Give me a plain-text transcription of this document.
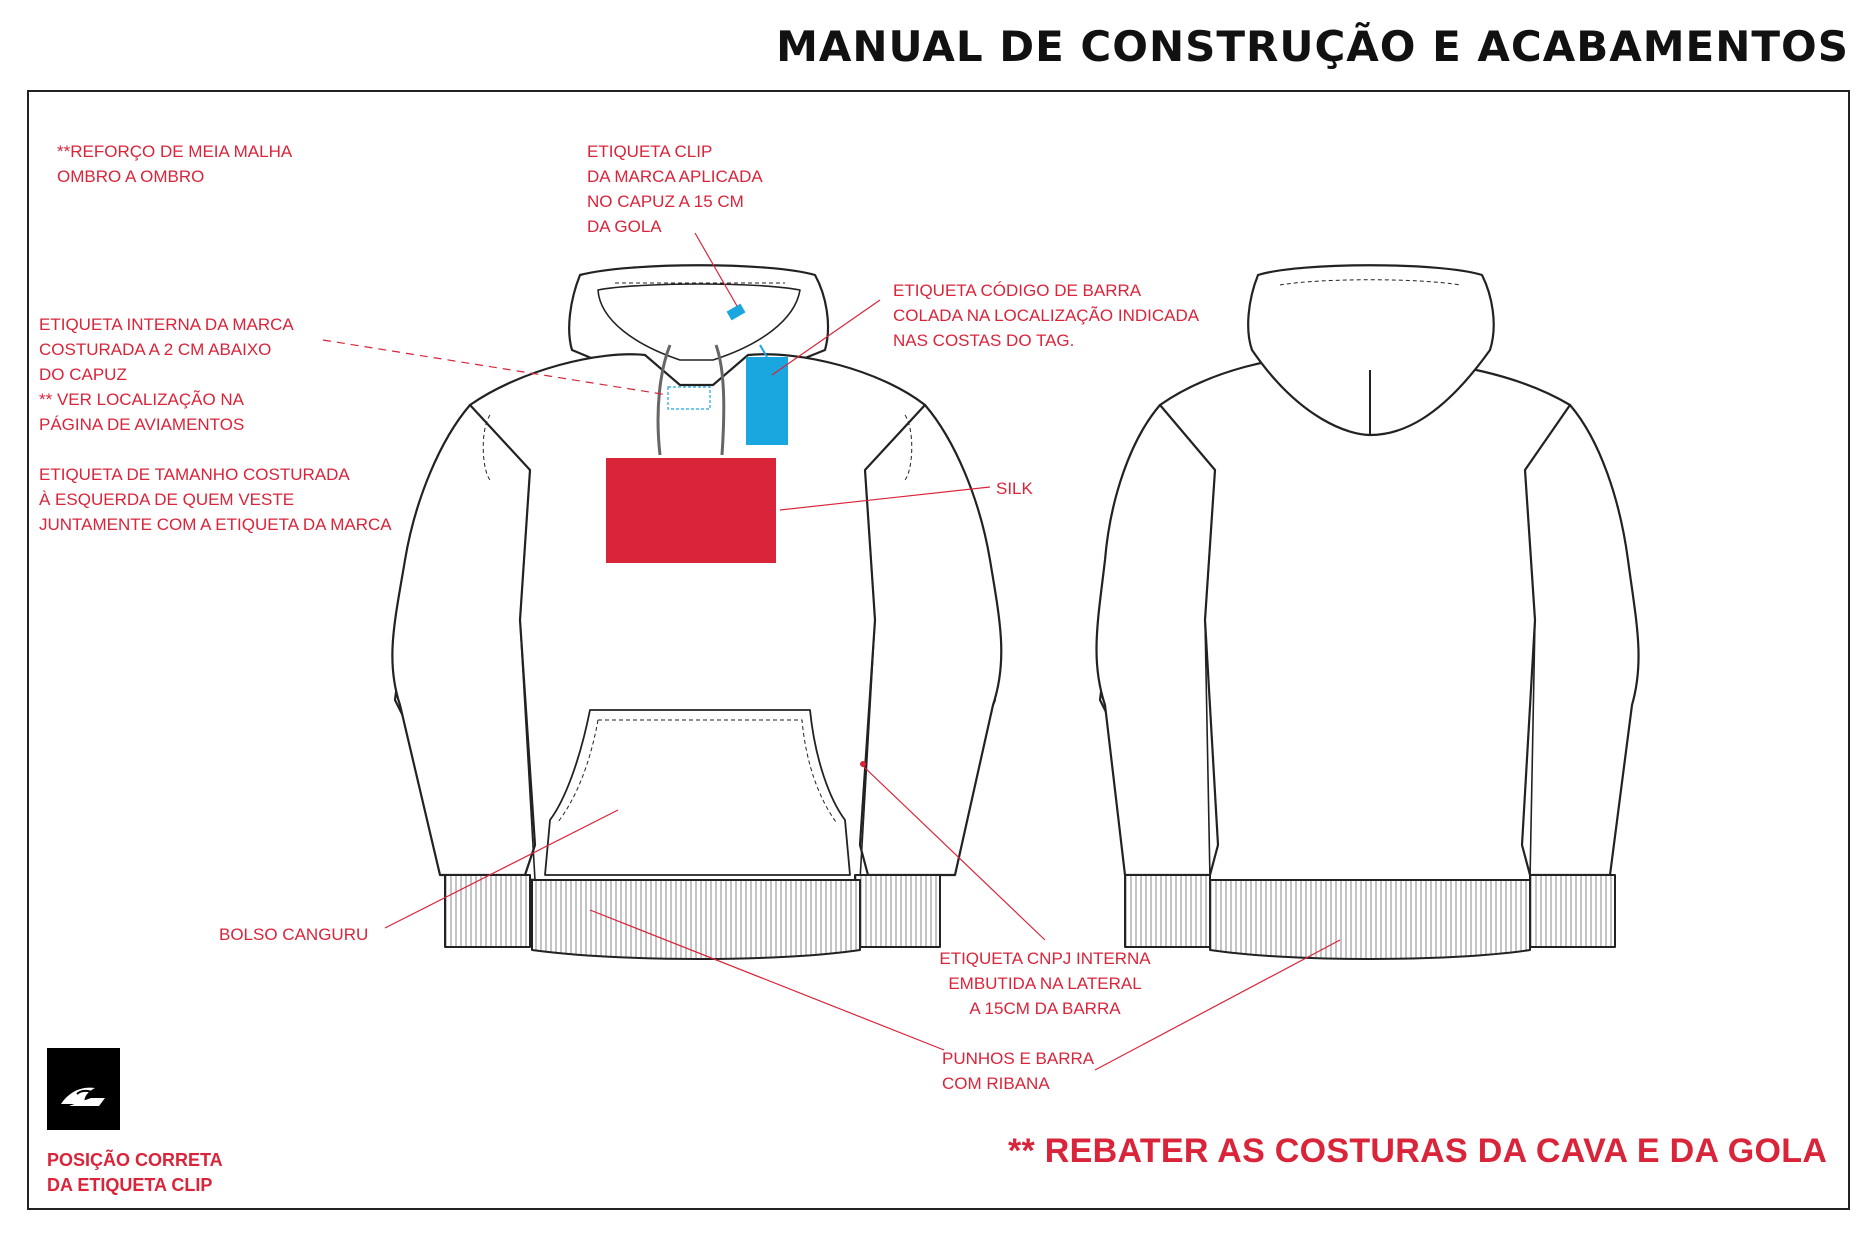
MANUAL DE CONSTRUÇÃO E ACABAMENTOS
**REFORÇO DE MEIA MALHA
OMBRO A OMBRO
ETIQUETA CLIP
DA MARCA APLICADA
NO CAPUZ A 15 CM
DA GOLA
ETIQUETA CÓDIGO DE BARRA
COLADA NA LOCALIZAÇÃO INDICADA
NAS COSTAS DO TAG.
ETIQUETA INTERNA DA MARCA
COSTURADA A 2 CM ABAIXO
DO CAPUZ
** VER LOCALIZAÇÃO NA
PÁGINA DE AVIAMENTOS
ETIQUETA DE TAMANHO COSTURADA
À ESQUERDA DE QUEM VESTE
JUNTAMENTE COM A ETIQUETA DA MARCA
SILK
BOLSO CANGURU
ETIQUETA CNPJ INTERNA
EMBUTIDA NA LATERAL
A 15CM DA BARRA
PUNHOS E BARRA
COM RIBANA
** REBATER AS COSTURAS DA CAVA E DA GOLA
POSIÇÃO CORRETA
DA ETIQUETA CLIP
